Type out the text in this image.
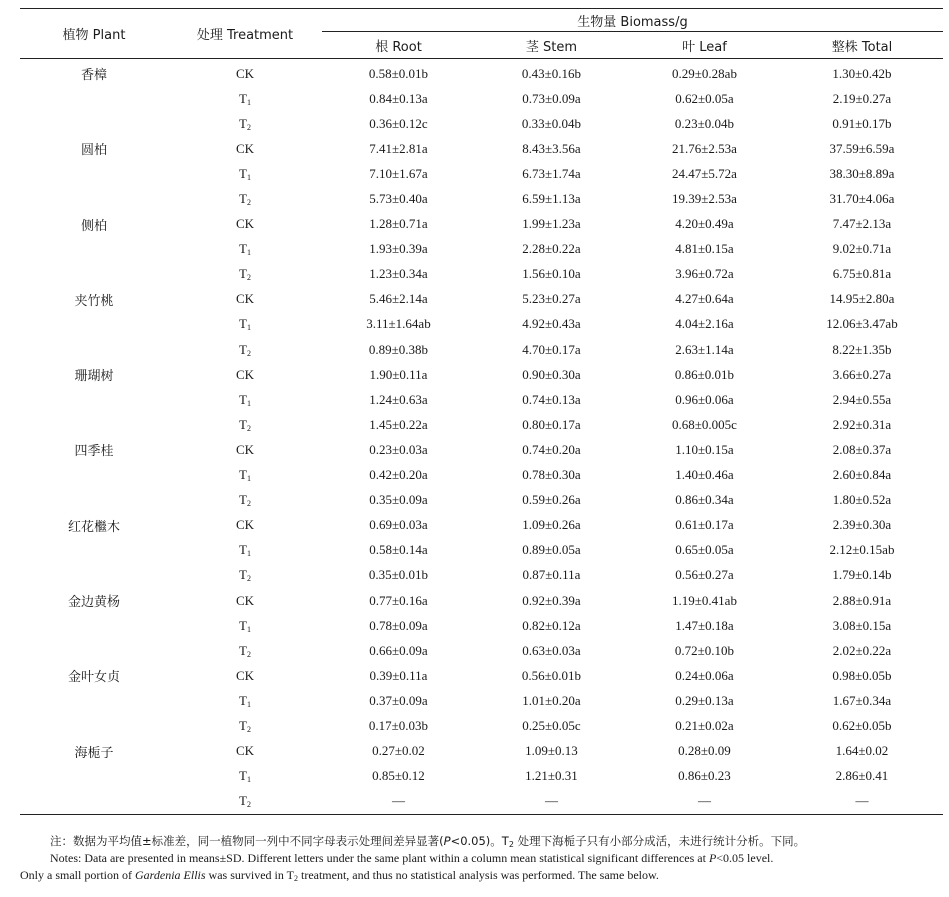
植物 Plant	处理 Treatment	生物量 Biomass/g			
		根 Root	茎 Stem	叶 Leaf	整株 Total
香樟	CK	0.58±0.01b	0.43±0.16b	0.29±0.28ab	1.30±0.42b
	$T_1$	0.84±0.13a	0.73±0.09a	0.62±0.05a	2.19±0.27a
	$T_2$	0.36±0.12c	0.33±0.04b	0.23±0.04b	0.91±0.17b
圆柏	CK	7.41±2.81a	8.43±3.56a	21.76±2.53a	37.59±6.59a
	$T_1$	7.10±1.67a	6.73±1.74a	24.47±5.72a	38.30±8.89a
	$T_2$	5.73±0.40a	6.59±1.13a	19.39±2.53a	31.70±4.06a
侧柏	CK	1.28±0.71a	1.99±1.23a	4.20±0.49a	7.47±2.13a
	$T_1$	1.93±0.39a	2.28±0.22a	4.81±0.15a	9.02±0.71a
	$T_2$	1.23±0.34a	1.56±0.10a	3.96±0.72a	6.75±0.81a
夹竹桃	CK	5.46±2.14a	5.23±0.27a	4.27±0.64a	14.95±2.80a
	$T_1$	3.11±1.64ab	4.92±0.43a	4.04±2.16a	12.06±3.47ab
	$T_2$	0.89±0.38b	4.70±0.17a	2.63±1.14a	8.22±1.35b
珊瑚树	CK	1.90±0.11a	0.90±0.30a	0.86±0.01b	3.66±0.27a
	$T_1$	1.24±0.63a	0.74±0.13a	0.96±0.06a	2.94±0.55a
	$T_2$	1.45±0.22a	0.80±0.17a	0.68±0.005c	2.92±0.31a
四季桂	CK	0.23±0.03a	0.74±0.20a	1.10±0.15a	2.08±0.37a
	$T_1$	0.42±0.20a	0.78±0.30a	1.40±0.46a	2.60±0.84a
	$T_2$	0.35±0.09a	0.59±0.26a	0.86±0.34a	1.80±0.52a
红花檵木	CK	0.69±0.03a	1.09±0.26a	0.61±0.17a	2.39±0.30a
	$T_1$	0.58±0.14a	0.89±0.05a	0.65±0.05a	2.12±0.15ab
	$T_2$	0.35±0.01b	0.87±0.11a	0.56±0.27a	1.79±0.14b
金边黄杨	CK	0.77±0.16a	0.92±0.39a	1.19±0.41ab	2.88±0.91a
	$T_1$	0.78±0.09a	0.82±0.12a	1.47±0.18a	3.08±0.15a
	$T_2$	0.66±0.09a	0.63±0.03a	0.72±0.10b	2.02±0.22a
金叶女贞	CK	0.39±0.11a	0.56±0.01b	0.24±0.06a	0.98±0.05b
	$T_1$	0.37±0.09a	1.01±0.20a	0.29±0.13a	1.67±0.34a
	$T_2$	0.17±0.03b	0.25±0.05c	0.21±0.02a	0.62±0.05b
海栀子	CK	0.27±0.02	1.09±0.13	0.28±0.09	1.64±0.02
	$T_1$	0.85±0.12	1.21±0.31	0.86±0.23	2.86±0.41
	$T_2$	—	—	—	—
注：数据为平均值±标准差，同一植物同一列中不同字母表示处理间差异显著(P<0.05)。$T_2$ 处理下海栀子只有小部分成活，未进行统计分析。下同。
Notes: Data are presented in means±SD. Different letters under the same plant within a column mean statistical significant differences at P<0.05 level.
Only a small portion of Gardenia Ellis was survived in $T_2$ treatment, and thus no statistical analysis was performed. The same below.
